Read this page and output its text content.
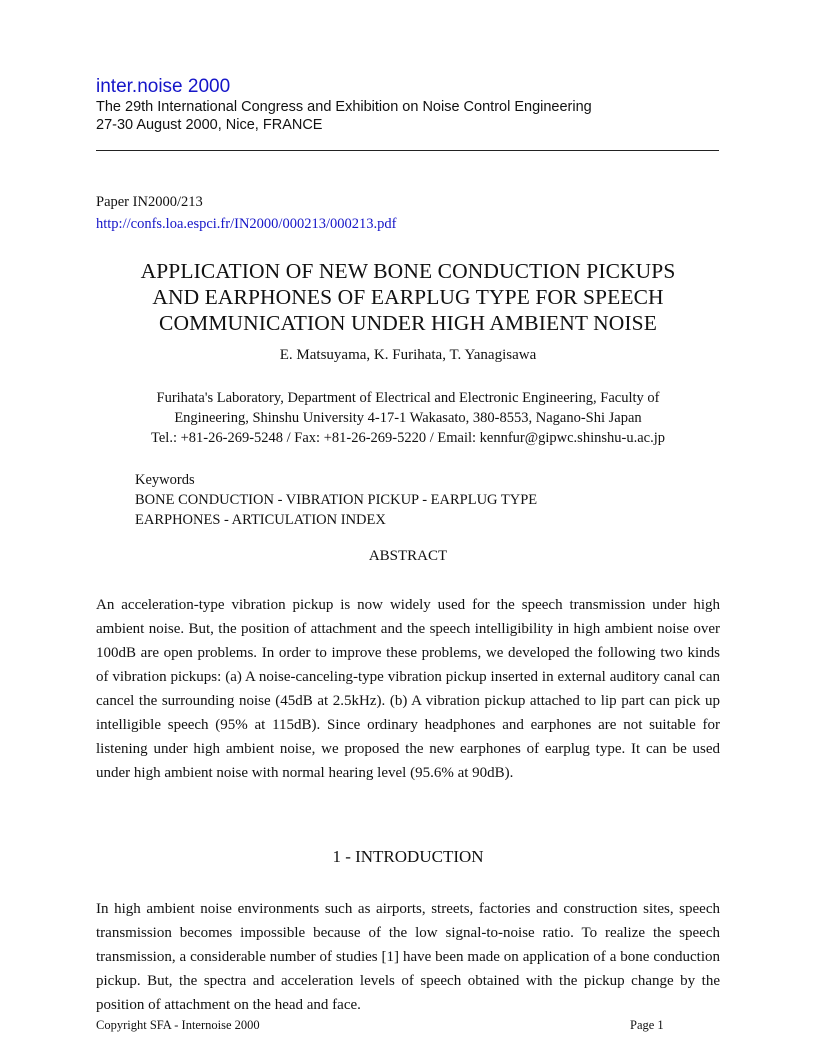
inter.noise 2000

The 29th International Congress and Exhibition on Noise Control Engineering

27-30 August 2000, Nice, FRANCE

Paper IN2000/213
http://confs.loa.espci.fr/IN2000/000213/000213.pdf
APPLICATION OF NEW BONE CONDUCTION PICKUPS
AND EARPHONES OF EARPLUG TYPE FOR SPEECH
COMMUNICATION UNDER HIGH AMBIENT NOISE
E. Matsuyama, K. Furihata, T. Yanagisawa
Furihata's Laboratory, Department of Electrical and Electronic Engineering, Faculty of
Engineering, Shinshu University 4-17-1 Wakasato, 380-8553, Nagano-Shi Japan
Tel.: +81-26-269-5248 / Fax: +81-26-269-5220 / Email: kennfur@gipwc.shinshu-u.ac.jp
Keywords
BONE CONDUCTION - VIBRATION PICKUP - EARPLUG TYPE
EARPHONES - ARTICULATION INDEX
ABSTRACT

An acceleration-type vibration pickup is now widely used for the speech transmission under high ambient noise. But, the position of attachment and the speech intelligibility in high ambient noise over 100dB are open problems. In order to improve these problems, we developed the following two kinds of vibration pickups: (a) A noise-canceling-type vibration pickup inserted in external auditory canal can cancel the surrounding noise (45dB at 2.5kHz). (b) A vibration pickup attached to lip part can pick up intelligible speech (95% at 115dB). Since ordinary headphones and earphones are not suitable for listening under high ambient noise, we proposed the new earphones of earplug type. It can be used under high ambient noise with normal hearing level (95.6% at 90dB).

1 - INTRODUCTION

In high ambient noise environments such as airports, streets, factories and construction sites, speech transmission becomes impossible because of the low signal-to-noise ratio. To realize the speech transmission, a considerable number of studies [1] have been made on application of a bone conduction pickup. But, the spectra and acceleration levels of speech obtained with the pickup change by the position of attachment on the head and face.

Copyright SFA - Internoise 2000	Page 1
